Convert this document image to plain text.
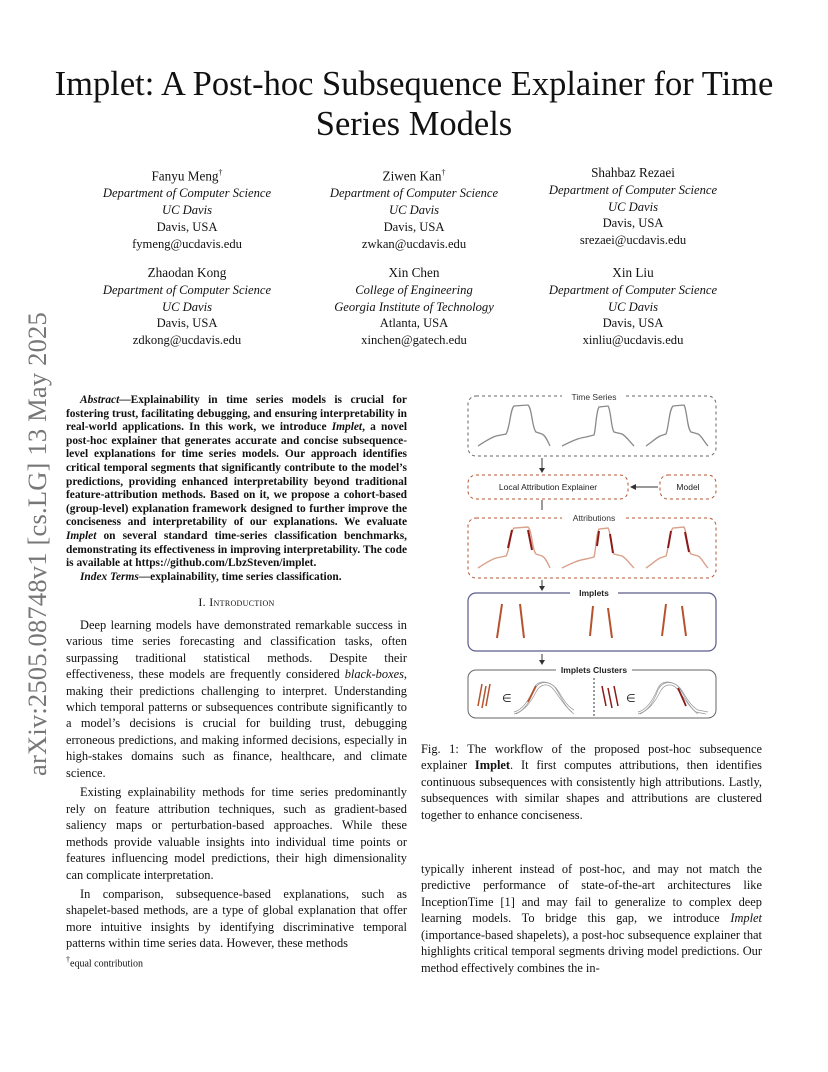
arXiv:2505.08748v1 [cs.LG] 13 May 2025
Implet: A Post-hoc Subsequence Explainer for Time Series Models
Fanyu Meng†
Department of Computer Science
UC Davis
Davis, USA
fymeng@ucdavis.edu
Ziwen Kan†
Department of Computer Science
UC Davis
Davis, USA
zwkan@ucdavis.edu
Shahbaz Rezaei
Department of Computer Science
UC Davis
Davis, USA
srezaei@ucdavis.edu
Zhaodan Kong
Department of Computer Science
UC Davis
Davis, USA
zdkong@ucdavis.edu
Xin Chen
College of Engineering
Georgia Institute of Technology
Atlanta, USA
xinchen@gatech.edu
Xin Liu
Department of Computer Science
UC Davis
Davis, USA
xinliu@ucdavis.edu
Abstract—Explainability in time series models is crucial for fostering trust, facilitating debugging, and ensuring interpretability in real-world applications. In this work, we introduce Implet, a novel post-hoc explainer that generates accurate and concise subsequence-level explanations for time series models. Our approach identifies critical temporal segments that significantly contribute to the model’s predictions, providing enhanced interpretability beyond traditional feature-attribution methods. Based on it, we propose a cohort-based (group-level) explanation framework designed to further improve the conciseness and interpretability of our explanations. We evaluate Implet on several standard time-series classification benchmarks, demonstrating its effectiveness in improving interpretability. The code is available at https://github.com/LbzSteven/implet.
Index Terms—explainability, time series classification.
I. Introduction

Deep learning models have demonstrated remarkable success in various time series forecasting and classification tasks, often surpassing traditional statistical methods. Despite their effectiveness, these models are frequently considered black-boxes, making their predictions challenging to interpret. Understanding which temporal patterns or subsequences contribute significantly to a model’s decisions is crucial for building trust, debugging erroneous predictions, and making informed decisions, especially in high-stakes domains such as finance, healthcare, and climate science.

Existing explainability methods for time series predominantly rely on feature attribution techniques, such as gradient-based saliency maps or perturbation-based approaches. While these methods provide valuable insights into individual time points or features influencing model predictions, their high dimensionality can complicate interpretation.

In comparison, subsequence-based explanations, such as shapelet-based methods, are a type of global explanation that offer more intuitive insights by identifying discriminative temporal patterns within time series data. However, these methods

†equal contribution
Time Series
Local Attribution Explainer	Model
Attributions
Implets
Implets Clusters
∈	∈
Fig. 1: The workflow of the proposed post-hoc subsequence explainer Implet. It first computes attributions, then identifies continuous subsequences with consistently high attributions. Lastly, subsequences with similar shapes and attributions are clustered together to enhance conciseness.
typically inherent instead of post-hoc, and may not match the predictive performance of state-of-the-art architectures like InceptionTime [1] and may fail to generalize to complex deep learning models. To bridge this gap, we introduce Implet (importance-based shapelets), a post-hoc subsequence explainer that highlights critical temporal segments driving model predictions. Our method effectively combines the in-
